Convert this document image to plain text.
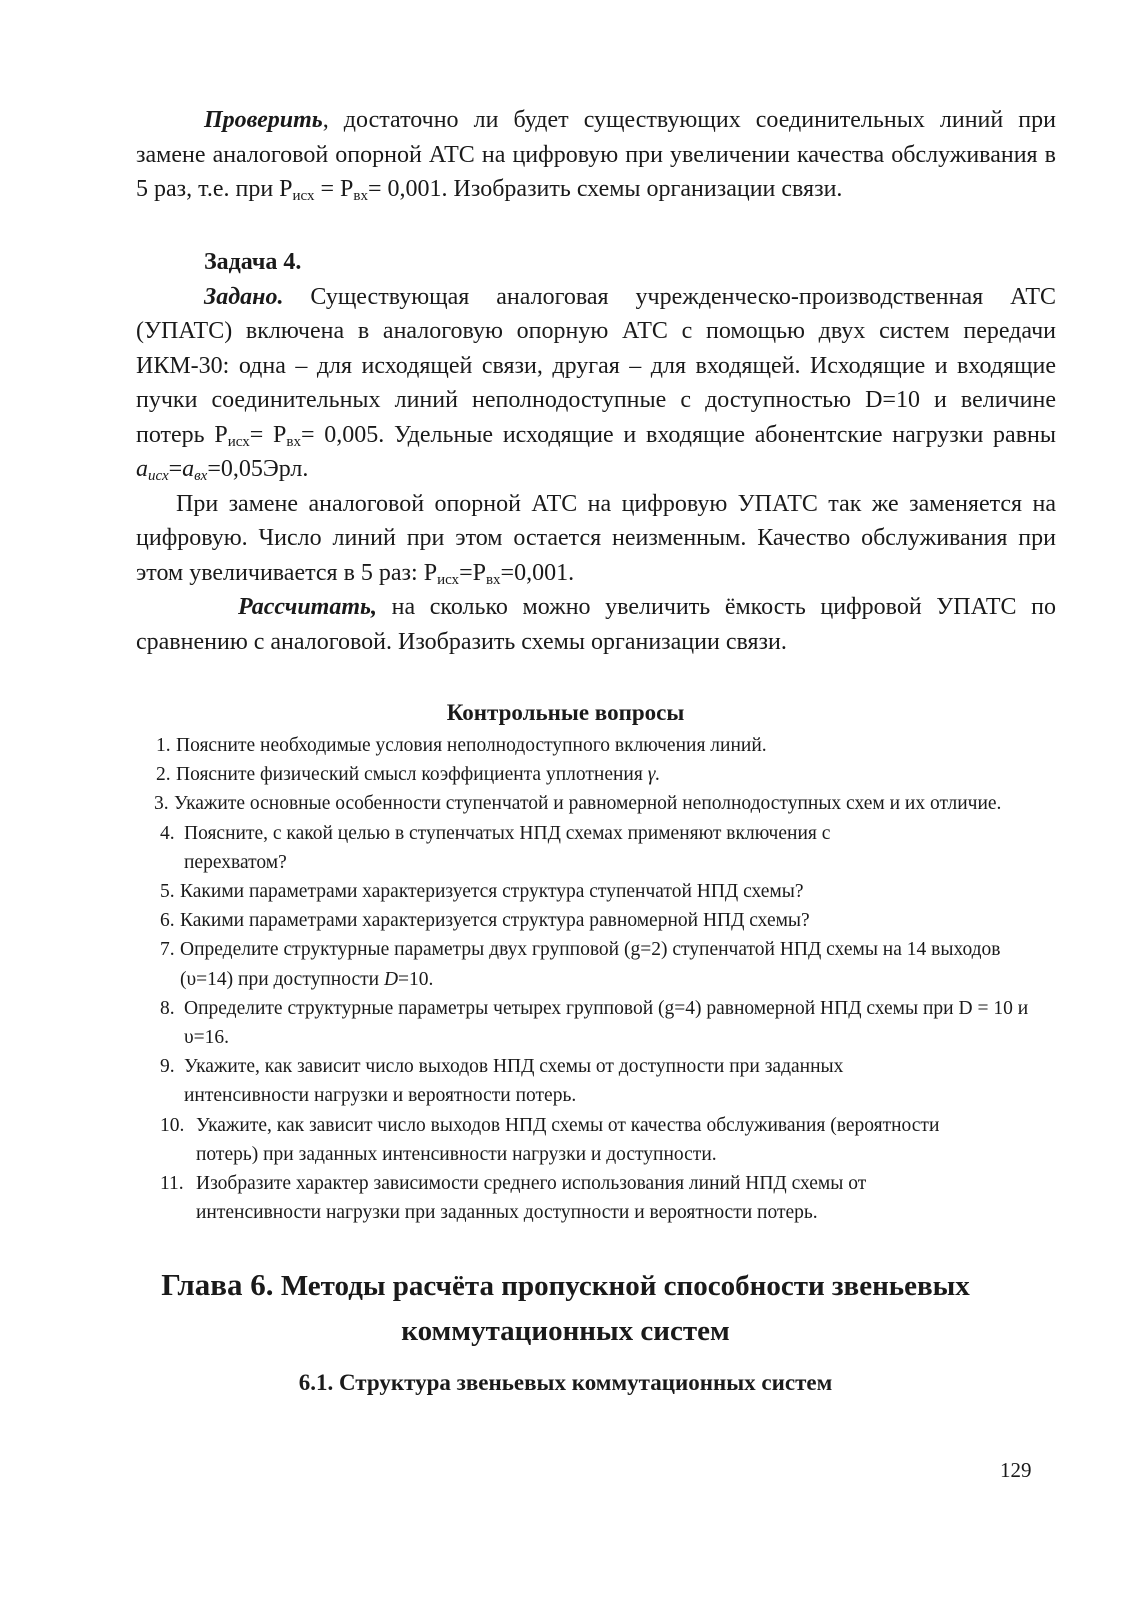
Проверить, достаточно ли будет существующих соединительных линий при замене аналоговой опорной АТС на цифровую при увеличении качества обслуживания в 5 раз, т.е. при $Р_{исх} = Р_{вх}= 0,001$. Изобразить схемы организации связи.

Задача 4.

Задано. Существующая аналоговая учрежденческо-производственная АТС (УПАТС) включена в аналоговую опорную АТС с помощью двух систем передачи ИКМ-30: одна – для исходящей связи, другая – для входящей. Исходящие и входящие пучки соединительных линий неполнодоступные с доступностью D=10 и величине потерь $Р_{исх}= Р_{вх}= 0,005$. Удельные исходящие и входящие абонентские нагрузки равны $a_{исх}=a_{вх}=0,05Эрл$.

При замене аналоговой опорной АТС на цифровую УПАТС так же заменяется на цифровую. Число линий при этом остается неизменным. Качество обслуживания при этом увеличивается в 5 раз: $Р_{исх}=Р_{вх}=0,001$.

Рассчитать, на сколько можно увеличить ёмкость цифровой УПАТС по сравнению с аналоговой. Изобразить схемы организации связи.

Контрольные вопросы
1. Поясните необходимые условия неполнодоступного включения линий.
2. Поясните физический смысл коэффициента уплотнения γ.
3. Укажите основные особенности ступенчатой и равномерной неполнодоступных схем и их отличие.
4. Поясните, с какой целью в ступенчатых НПД схемах применяют включения с перехватом?
5. Какими параметрами характеризуется структура ступенчатой НПД схемы?
6. Какими параметрами характеризуется структура равномерной НПД схемы?
7. Определите структурные параметры двух групповой (g=2) ступенчатой НПД схемы на 14 выходов (υ=14) при доступности D=10.
8. Определите структурные параметры четырех групповой (g=4) равномерной НПД схемы при D = 10 и υ=16.
9. Укажите, как зависит число выходов НПД схемы от доступности при заданных интенсивности нагрузки и вероятности потерь.
10. Укажите, как зависит число выходов НПД схемы от качества обслуживания (вероятности потерь) при заданных интенсивности нагрузки и доступности.
11. Изобразите характер зависимости среднего использования линий НПД схемы от интенсивности нагрузки при заданных доступности и вероятности потерь.
Глава 6. Методы расчёта пропускной способности звеньевых
коммутационных систем
6.1. Структура звеньевых коммутационных систем
129
